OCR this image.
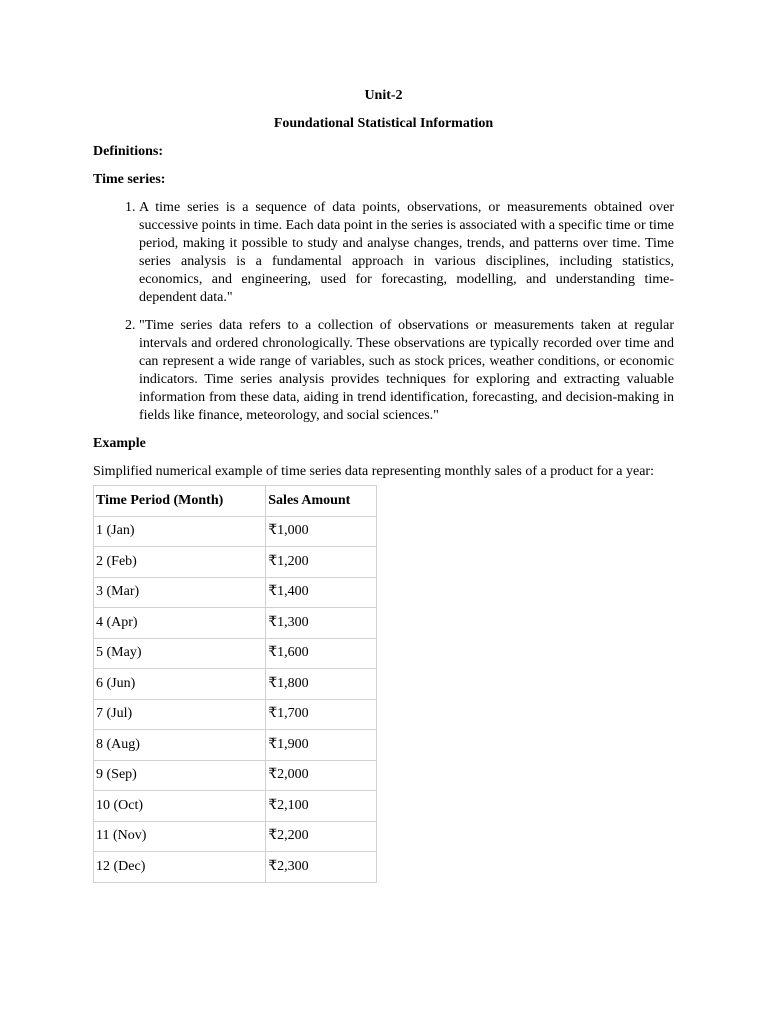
Unit-2
Foundational Statistical Information
Definitions:
Time series:
1. A time series is a sequence of data points, observations, or measurements obtained over successive points in time. Each data point in the series is associated with a specific time or time period, making it possible to study and analyse changes, trends, and patterns over time. Time series analysis is a fundamental approach in various disciplines, including statistics, economics, and engineering, used for forecasting, modelling, and understanding time-dependent data."
2. "Time series data refers to a collection of observations or measurements taken at regular intervals and ordered chronologically. These observations are typically recorded over time and can represent a wide range of variables, such as stock prices, weather conditions, or economic indicators. Time series analysis provides techniques for exploring and extracting valuable information from these data, aiding in trend identification, forecasting, and decision-making in fields like finance, meteorology, and social sciences."
Example

Simplified numerical example of time series data representing monthly sales of a product for a year:

Time Period (Month)	Sales Amount
1 (Jan)	₹1,000
2 (Feb)	₹1,200
3 (Mar)	₹1,400
4 (Apr)	₹1,300
5 (May)	₹1,600
6 (Jun)	₹1,800
7 (Jul)	₹1,700
8 (Aug)	₹1,900
9 (Sep)	₹2,000
10 (Oct)	₹2,100
11 (Nov)	₹2,200
12 (Dec)	₹2,300
